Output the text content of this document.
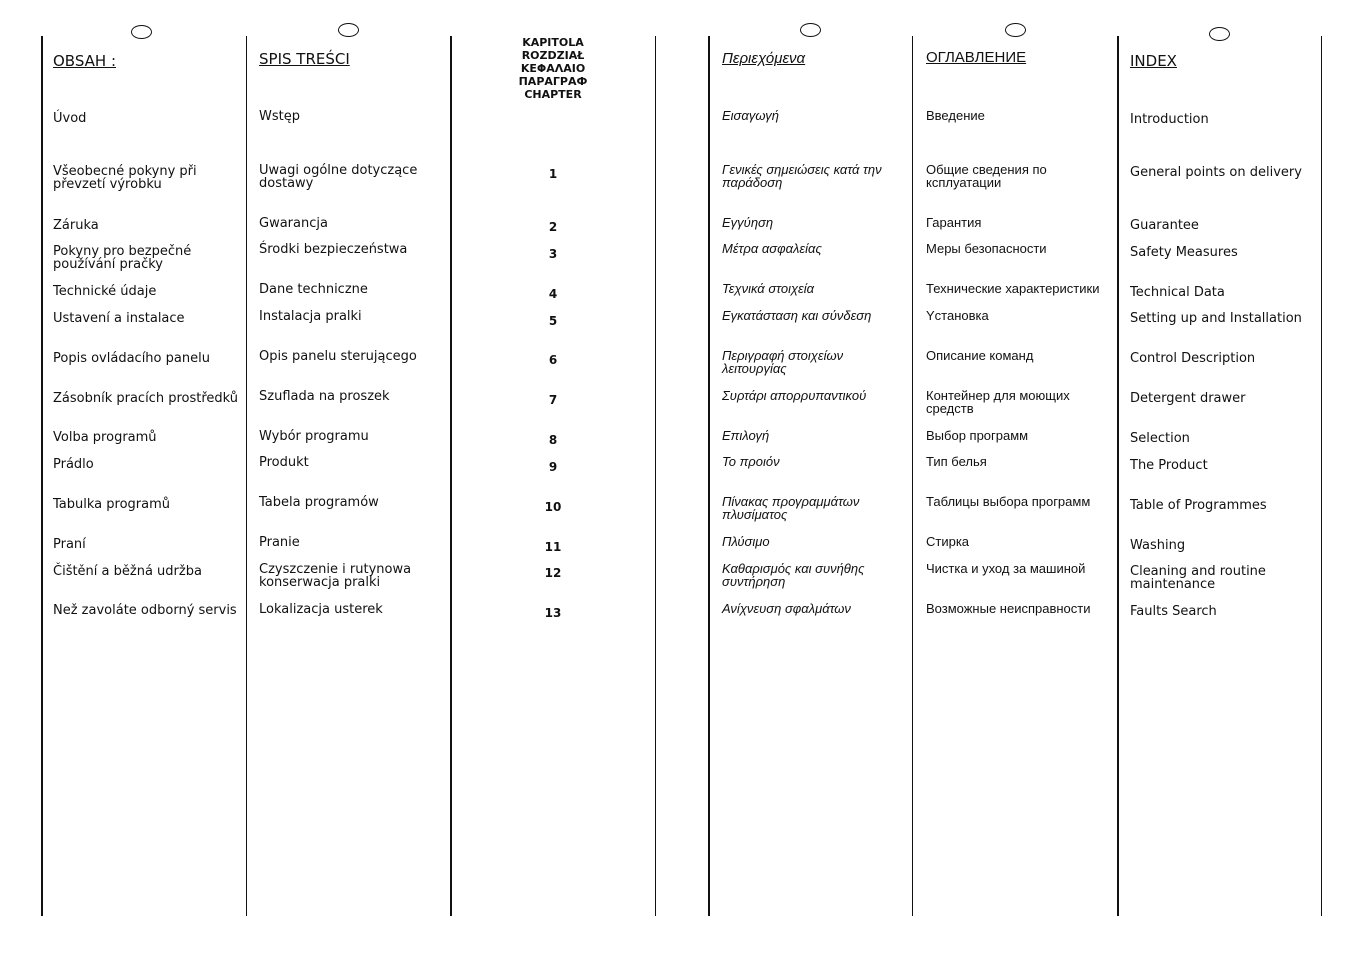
OBSAH :
Úvod
Všeobecné pokyny při převzetí výrobku
Záruka
Pokyny pro bezpečné používání pračky
Technické údaje
Ustavení a instalace
Popis ovládacího panelu
Zásobník pracích prostředků
Volba programů
Prádlo
Tabulka programů
Praní
Čištění a běžná udržba
Než zavoláte odborný servis
SPIS TREŚCI
Wstęp
Uwagi ogólne dotyczące dostawy
Gwarancja
Środki bezpieczeństwa
Dane techniczne
Instalacja pralki
Opis panelu sterującego
Szuflada na proszek
Wybór programu
Produkt
Tabela programów
Pranie
Czyszczenie i rutynowa konserwacja pralki
Lokalizacja usterek
KAPITOLA
ROZDZIAŁ
ΚΕΦΑΛΑΙΟ
ПАРАГРАФ
CHAPTER
1
2
3
4
5
6
7
8
9
10
11
12
13
Περιεχόμενα
Εισαγωγή
Γενικές σημειώσεις κατά την παράδοση
Εγγύηση
Μέτρα ασφαλείας
Τεχνικά στοιχεία
Εγκατάσταση και σύνδεση
Περιγραφή στοιχείων λειτουργίας
Συρτάρι απορρυπαντικού
Επιλογή
Το προιόν
Πίνακας προγραμμάτων πλυσίματος
Πλύσιμο
Καθαρισμός και συνήθης συντήρηση
Ανίχνευση σφαλμάτων
ОГЛАВЛЕНИЕ
Введение
Общие сведения по  ксплуатации
Гарантия
Меры безопасности
Технические характеристики
Yстановка
Описание команд
Контейнер для моющих средств
Выбор программ
Тип белья
Таблицы выбора программ
Стирка
Чистка и уход за машиной
Возможные неисправности
INDEX
Introduction
General points on delivery
Guarantee
Safety Measures
Technical Data
Setting up and Installation
Control Description
Detergent drawer
Selection
The Product
Table of Programmes
Washing
Cleaning and routine maintenance
Faults Search
